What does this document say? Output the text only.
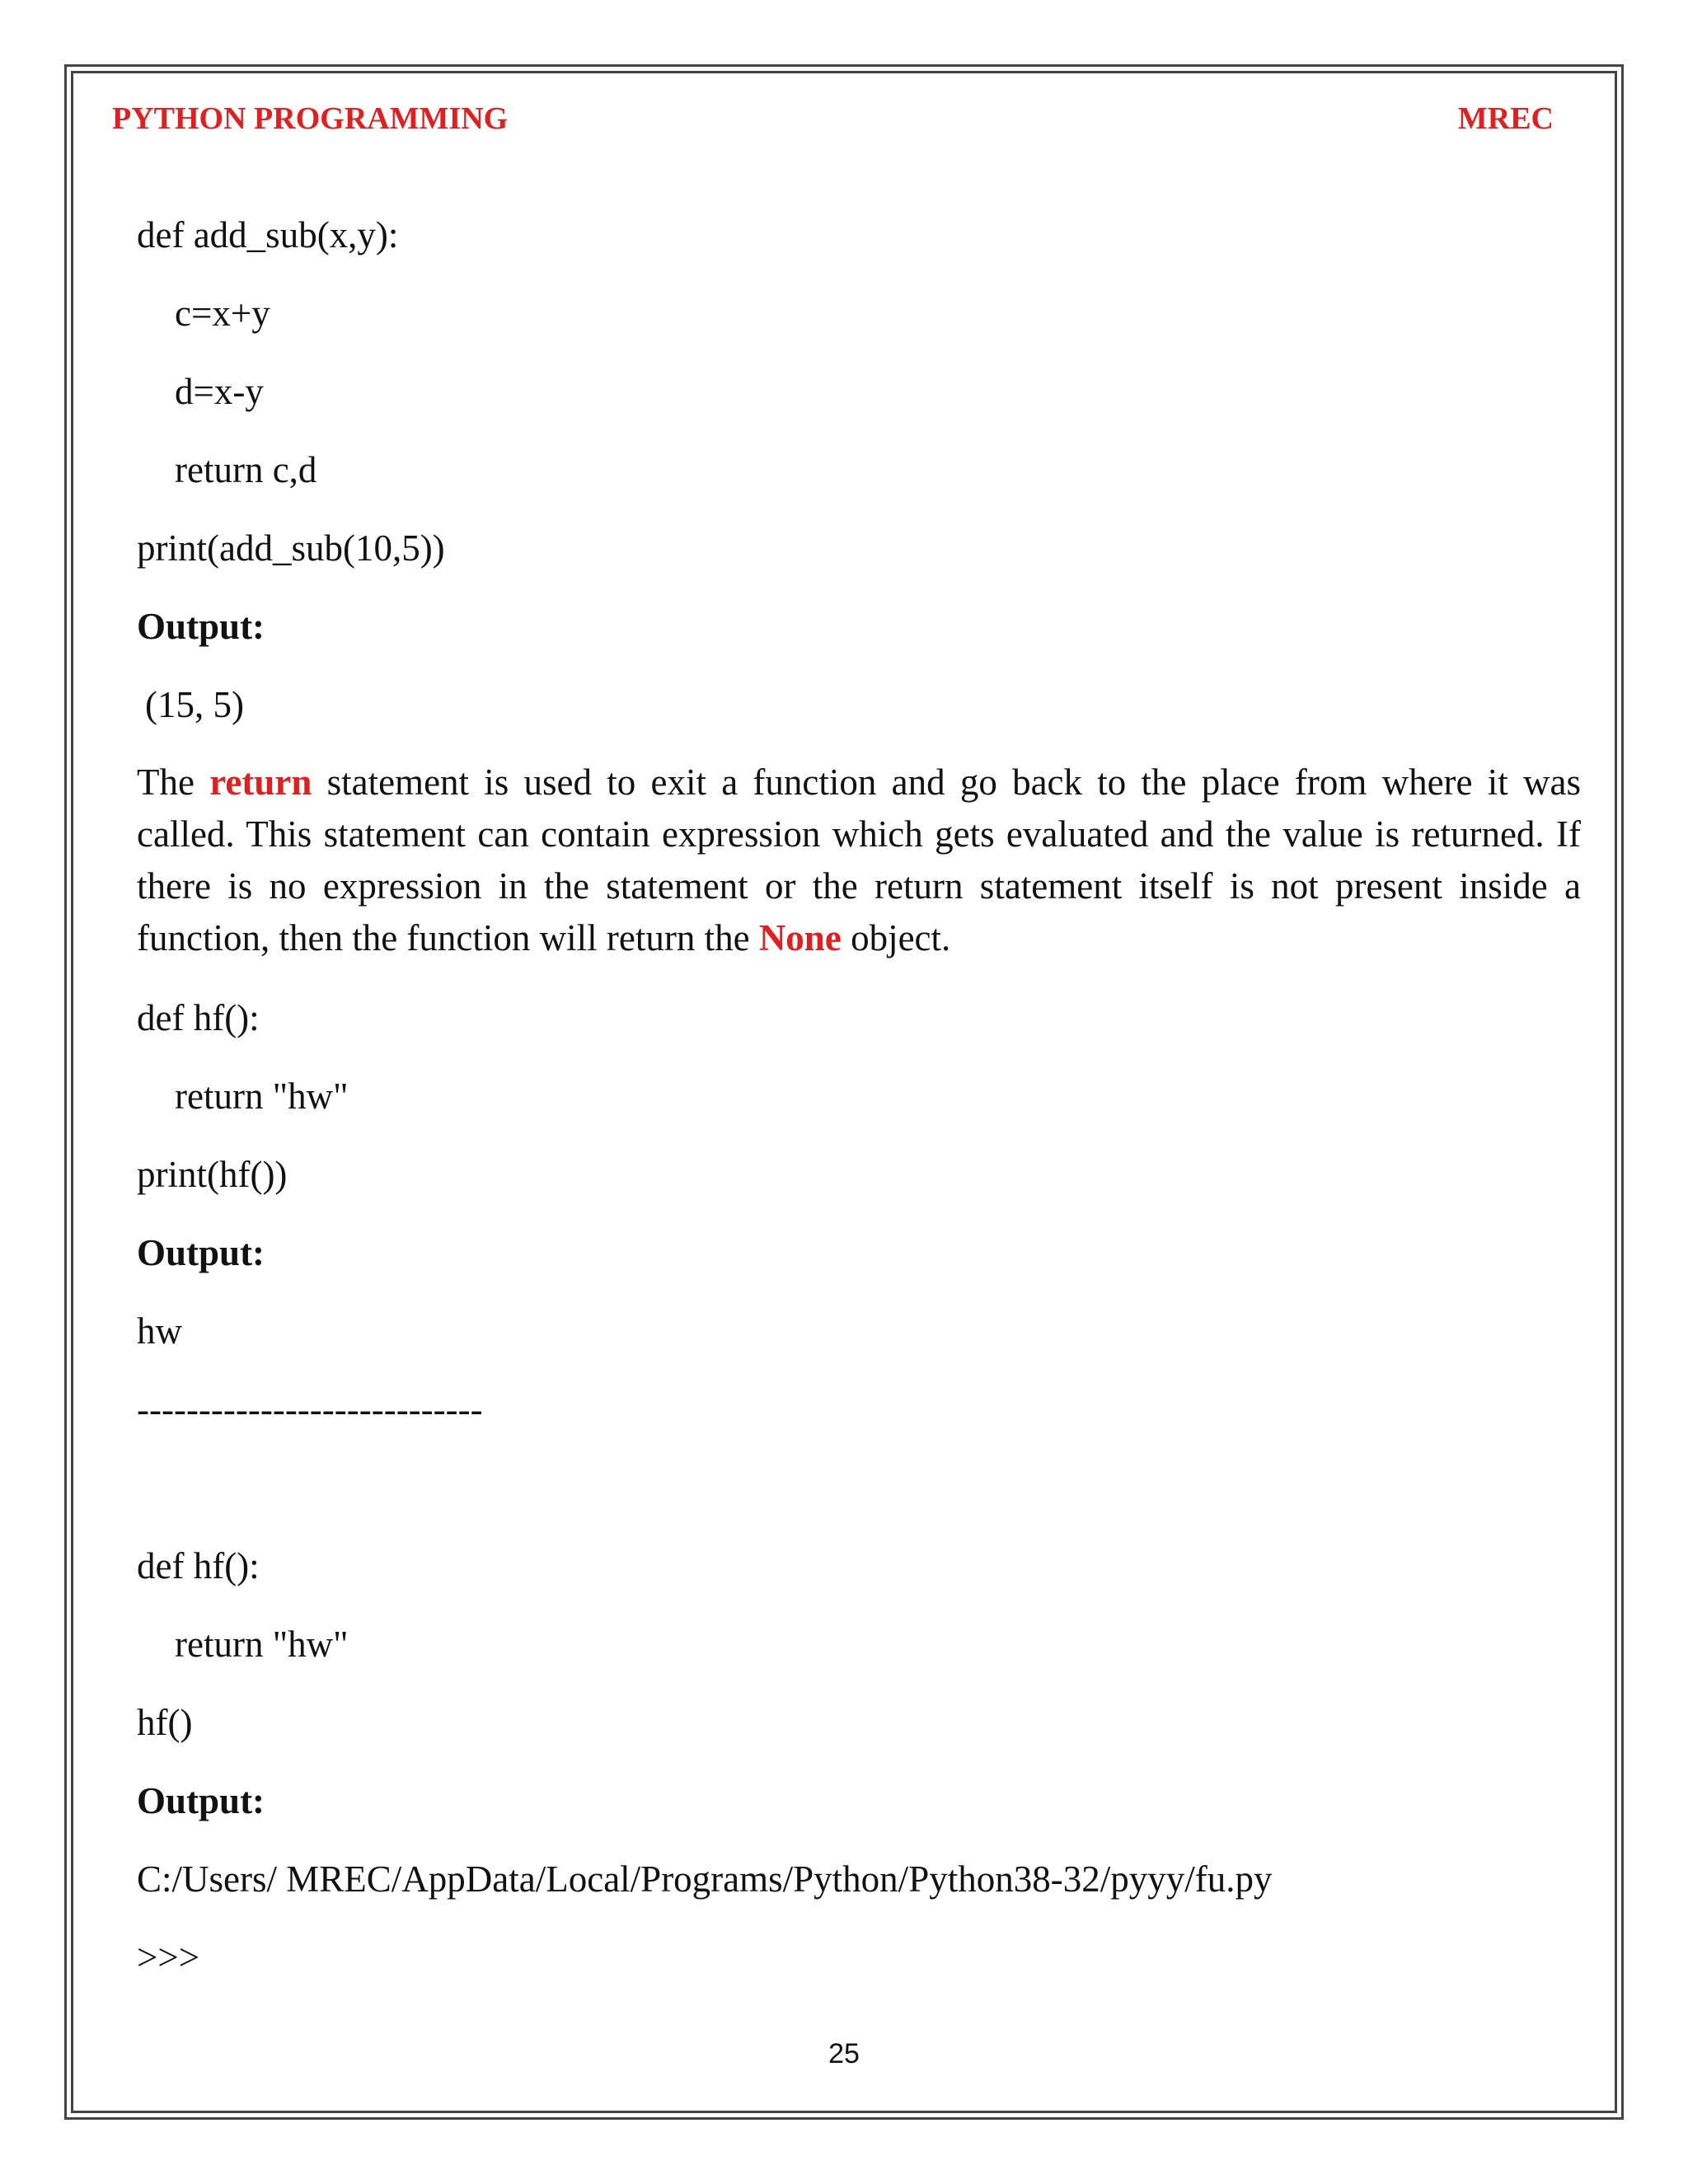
PYTHON PROGRAMMING	MREC
def add_sub(x,y):
c=x+y
d=x-y
return c,d
print(add_sub(10,5))
Output:
(15, 5)
The return statement is used to exit a function and go back to the place from where it was called. This statement can contain expression which gets evaluated and the value is returned. If there is no expression in the statement or the return statement itself is not present inside a function, then the function will return the None object.
def hf():
return "hw"
print(hf())
Output:
hw
----------------------------
def hf():
return "hw"
hf()
Output:
C:/Users/ MREC/AppData/Local/Programs/Python/Python38-32/pyyy/fu.py
>>>
25
